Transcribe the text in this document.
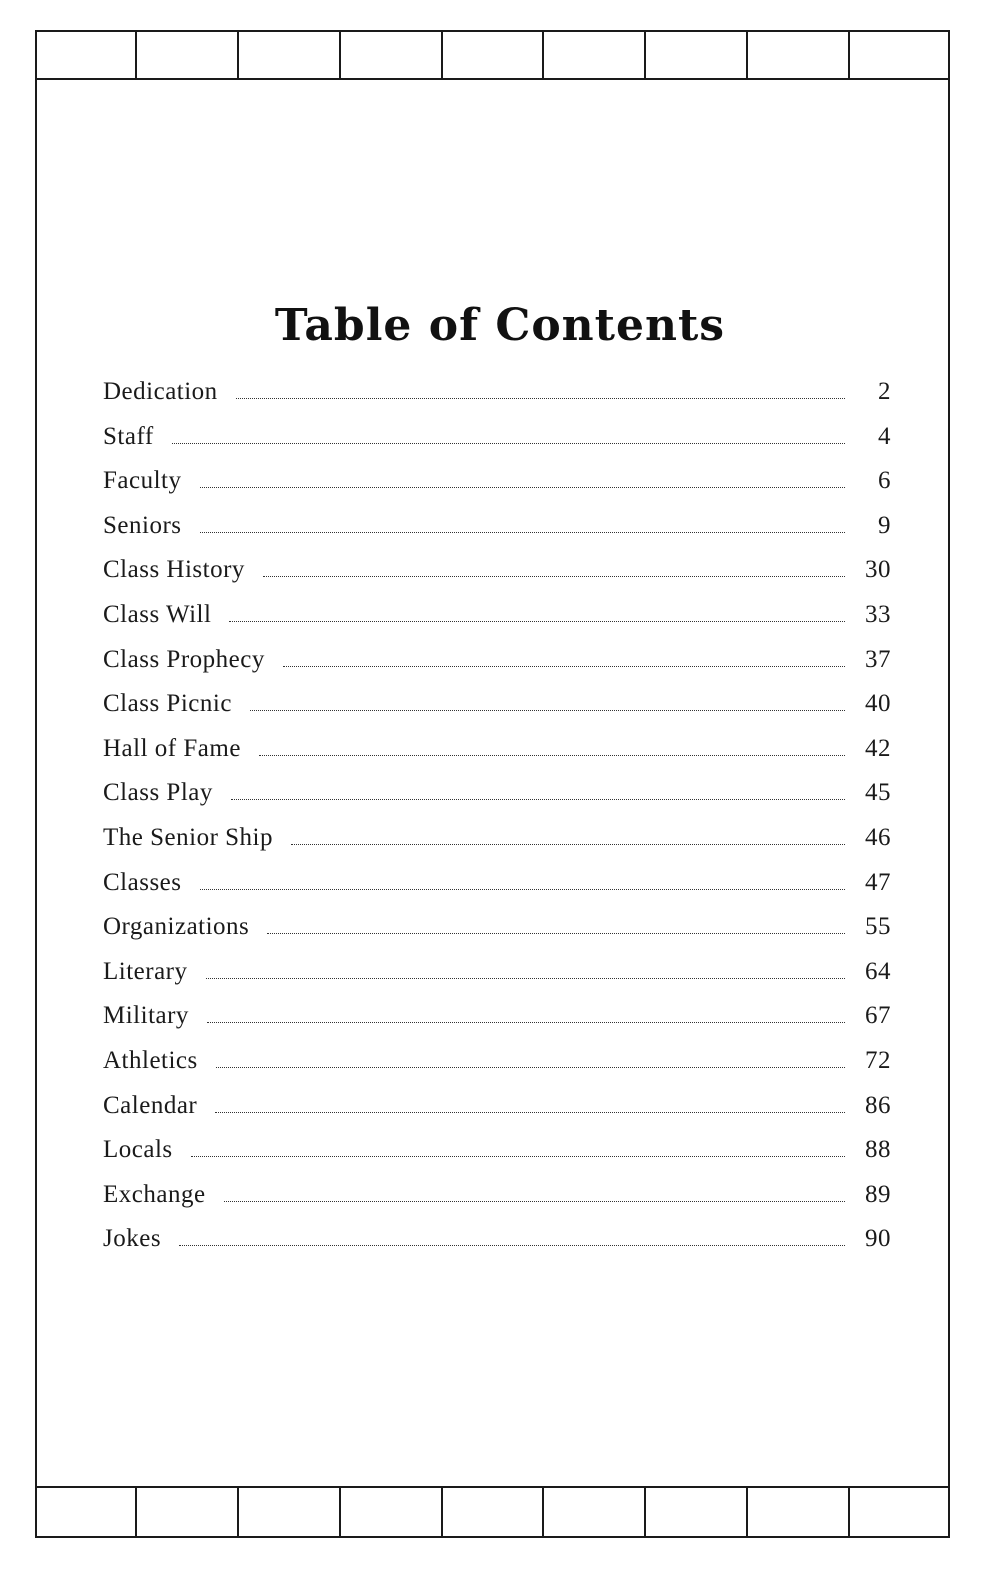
Table of Contents
Dedication	2
Staff	4
Faculty	6
Seniors	9
Class History	30
Class Will	33
Class Prophecy	37
Class Picnic	40
Hall of Fame	42
Class Play	45
The Senior Ship	46
Classes	47
Organizations	55
Literary	64
Military	67
Athletics	72
Calendar	86
Locals	88
Exchange	89
Jokes	90
